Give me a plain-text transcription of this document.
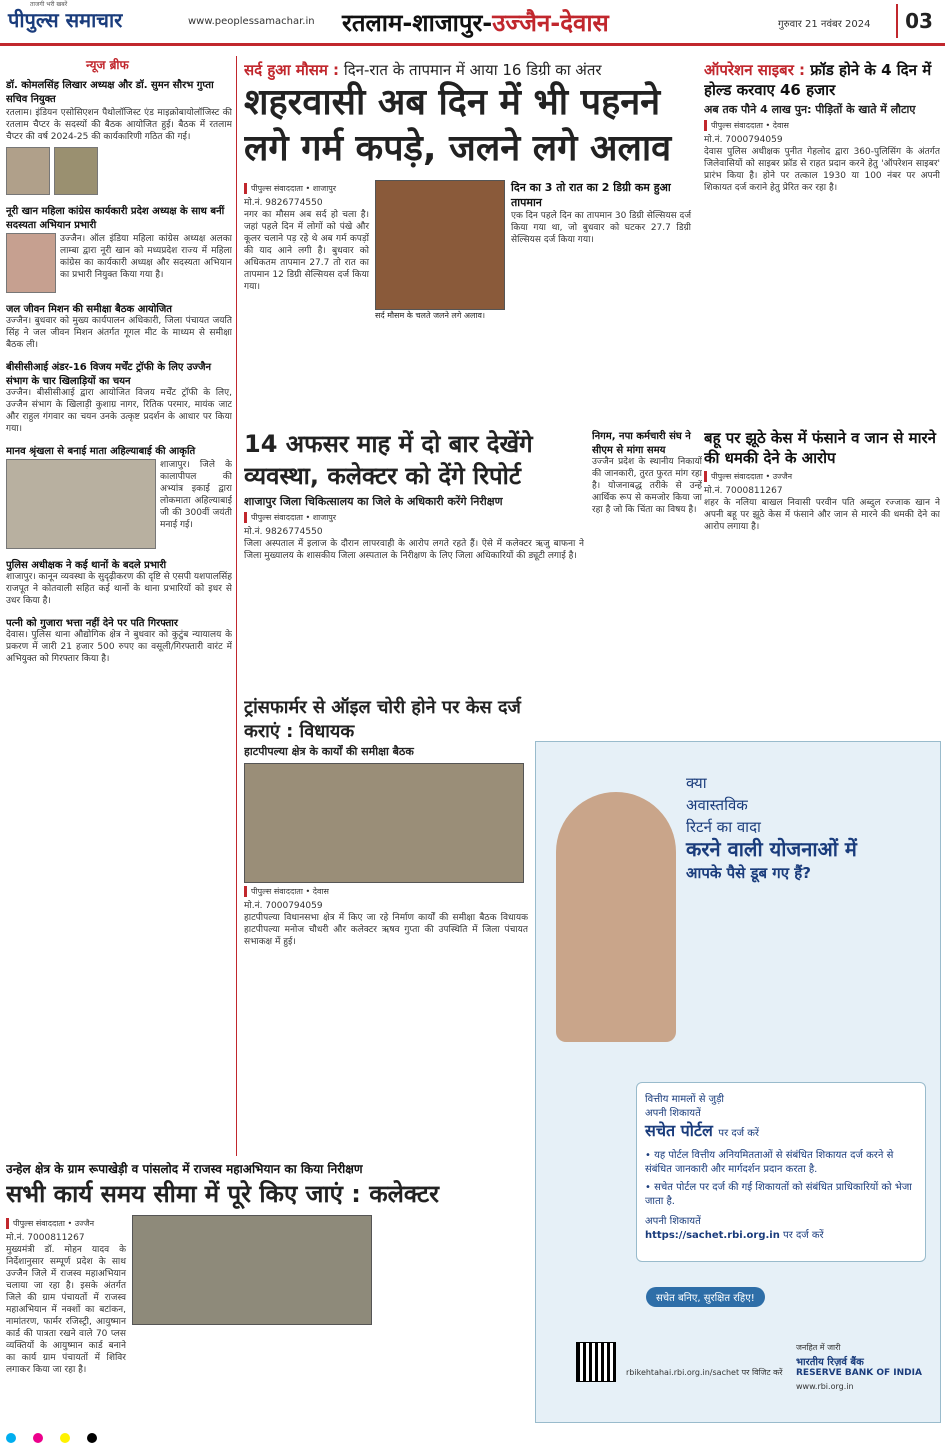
ताजगी भरी खबरें
पीपुल्स समाचार	www.peoplessamachar.in रतलाम-शाजापुर-उज्जैन-देवास	गुरुवार 21 नवंबर 2024	03
न्यूज ब्रीफ
डॉ. कोमलसिंह लिखार अध्यक्ष और डॉ. सुमन सौरभ गुप्ता सचिव नियुक्त
रतलाम। इंडियन एसोसिएशन पैथोलॉजिस्ट एंड माइक्रोबायोलॉजिस्ट की रतलाम चैप्टर के सदस्यों की बैठक आयोजित हुई। बैठक में रतलाम चैप्टर की वर्ष 2024-25 की कार्यकारिणी गठित की गई।
नूरी खान महिला कांग्रेस कार्यकारी प्रदेश अध्यक्ष के साथ बनीं सदस्यता अभियान प्रभारी
उज्जैन। ऑल इंडिया महिला कांग्रेस अध्यक्ष अलका लाम्बा द्वारा नूरी खान को मध्यप्रदेश राज्य में महिला कांग्रेस का कार्यकारी अध्यक्ष और सदस्यता अभियान का प्रभारी नियुक्त किया गया है।
जल जीवन मिशन की समीक्षा बैठक आयोजित
उज्जैन। बुधवार को मुख्य कार्यपालन अधिकारी, जिला पंचायत जयति सिंह ने जल जीवन मिशन अंतर्गत गूगल मीट के माध्यम से समीक्षा बैठक ली।
बीसीसीआई अंडर-16 विजय मर्चेंट ट्रॉफी के लिए उज्जैन संभाग के चार खिलाड़ियों का चयन
उज्जैन। बीसीसीआई द्वारा आयोजित विजय मर्चेंट ट्रॉफी के लिए, उज्जैन संभाग के खिलाड़ी कुशाग्र नागर, रितिक परमार, मायंक जाट और राहुल गंगवार का चयन उनके उत्कृष्ट प्रदर्शन के आधार पर किया गया।
मानव श्रृंखला से बनाई माता अहिल्याबाई की आकृति
शाजापुर। जिले के कालापीपल की अभ्यांत्र इकाई द्वारा लोकमाता अहिल्याबाई जी की 300वीं जयंती मनाई गई।
पुलिस अधीक्षक ने कई थानों के बदले प्रभारी
शाजापुर। कानून व्यवस्था के सुदृढ़ीकरण की दृष्टि से एसपी यशपालसिंह राजपूत ने कोतवाली सहित कई थानों के थाना प्रभारियों को इधर से उधर किया है।
पत्नी को गुजारा भत्ता नहीं देने पर पति गिरफ्तार
देवास। पुलिस थाना औद्योगिक क्षेत्र ने बुधवार को कुटुंब न्यायालय के प्रकरण में जारी 21 हजार 500 रुपए का वसूली/गिरफ्तारी वारंट में अभियुक्त को गिरफ्तार किया है।
सर्द हुआ मौसम : दिन-रात के तापमान में आया 16 डिग्री का अंतर
शहरवासी अब दिन में भी पहनने
लगे गर्म कपड़े, जलने लगे अलाव
पीपुल्स संवाददाता • शाजापुर
मो.नं. 9826774550
नगर का मौसम अब सर्द हो चला है। जहां पहले दिन में लोगों को पंखे और कूलर चलाने पड़ रहे थे अब गर्म कपड़ों की याद आने लगी है। बुधवार को अधिकतम तापमान 27.7 तो रात का तापमान 12 डिग्री सेल्सियस दर्ज किया गया।
सर्द मौसम के चलते जलने लगे अलाव।
दिन का 3 तो रात का 2 डिग्री कम हुआ तापमान
एक दिन पहले दिन का तापमान 30 डिग्री सेल्सियस दर्ज किया गया था, जो बुधवार को घटकर 27.7 डिग्री सेल्सियस दर्ज किया गया।
ऑपरेशन साइबर : फ्रॉड होने के 4 दिन में होल्ड करवाए 46 हजार
अब तक पौने 4 लाख पुन: पीड़ितों के खाते में लौटाए
पीपुल्स संवाददाता • देवास
मो.नं. 7000794059
देवास पुलिस अधीक्षक पुनीत गेहलोद द्वारा 360-पुलिसिंग के अंतर्गत जिलेवासियों को साइबर फ्रॉड से राहत प्रदान करने हेतु 'ऑपरेशन साइबर' प्रारंभ किया है। होने पर तत्काल 1930 या 100 नंबर पर अपनी शिकायत दर्ज कराने हेतु प्रेरित कर रहा है।
14 अफसर माह में दो बार देखेंगे
व्यवस्था, कलेक्टर को देंगे रिपोर्ट
शाजापुर जिला चिकित्सालय का जिले के अधिकारी करेंगे निरीक्षण
पीपुल्स संवाददाता • शाजापुर
मो.नं. 9826774550
जिला अस्पताल में इलाज के दौरान लापरवाही के आरोप लगते रहते हैं। ऐसे में कलेक्टर ऋजु बाफना ने जिला मुख्यालय के शासकीय जिला अस्पताल के निरीक्षण के लिए जिला अधिकारियों की ड्यूटी लगाई है।
निगम, नपा कर्मचारी संघ ने सीएम से मांगा समय
उज्जैन प्रदेश के स्थानीय निकायों की जानकारी, तुरत फुरत मांग रहा है। योजनाबद्ध तरीके से उन्हें आर्थिक रूप से कमजोर किया जा रहा है जो कि चिंता का विषय है।
बहू पर झूठे केस में फंसाने व जान से मारने की धमकी देने के आरोप
पीपुल्स संवाददाता • उज्जैन
मो.नं. 7000811267
शहर के नलिया बाखल निवासी परवीन पति अब्दुल रज्जाक खान ने अपनी बहू पर झूठे केस में फंसाने और जान से मारने की धमकी देने का आरोप लगाया है।
ट्रांसफार्मर से ऑइल चोरी होने पर केस दर्ज कराएं : विधायक
हाटपीपल्या क्षेत्र के कार्यों की समीक्षा बैठक
पीपुल्स संवाददाता • देवास
मो.नं. 7000794059
हाटपीपल्या विधानसभा क्षेत्र में किए जा रहे निर्माण कार्यों की समीक्षा बैठक विधायक हाटपीपल्या मनोज चौधरी और कलेक्टर ऋषव गुप्ता की उपस्थिति में जिला पंचायत सभाकक्ष में हुई।
उन्हेल क्षेत्र के ग्राम रूपाखेड़ी व पांसलोद में राजस्व महाअभियान का किया निरीक्षण
सभी कार्य समय सीमा में पूरे किए जाएं : कलेक्टर
पीपुल्स संवाददाता • उज्जैन
मो.नं. 7000811267
मुख्यमंत्री डॉ. मोहन यादव के निर्देशानुसार सम्पूर्ण प्रदेश के साथ उज्जैन जिले में राजस्व महाअभियान चलाया जा रहा है। इसके अंतर्गत जिले की ग्राम पंचायतों में राजस्व महाअभियान में नक्शों का बटांकन, नामांतरण, फार्मर रजिस्ट्री, आयुष्मान कार्ड की पात्रता रखने वाले 70 प्लस व्यक्तियों के आयुष्मान कार्ड बनाने का कार्य ग्राम पंचायतों में शिविर लगाकर किया जा रहा है।
क्या
अवास्तविक
रिटर्न का वादा
करने वाली योजनाओं में
आपके पैसे डूब गए हैं?
वित्तीय मामलों से जुड़ी
अपनी शिकायतें
सचेत पोर्टल पर दर्ज करें
• यह पोर्टल वित्तीय अनियमितताओं से संबंधित शिकायत दर्ज करने से संबंधित जानकारी और मार्गदर्शन प्रदान करता है.
• सचेत पोर्टल पर दर्ज की गई शिकायतों को संबंधित प्राधिकारियों को भेजा जाता है.
अपनी शिकायतें
https://sachet.rbi.org.in पर दर्ज करें
सचेत बनिए, सुरक्षित रहिए!
rbikehtahai.rbi.org.in/sachet पर विजिट करें
जनहित में जारी
भारतीय रिज़र्व बैंक
RESERVE BANK OF INDIA
www.rbi.org.in
